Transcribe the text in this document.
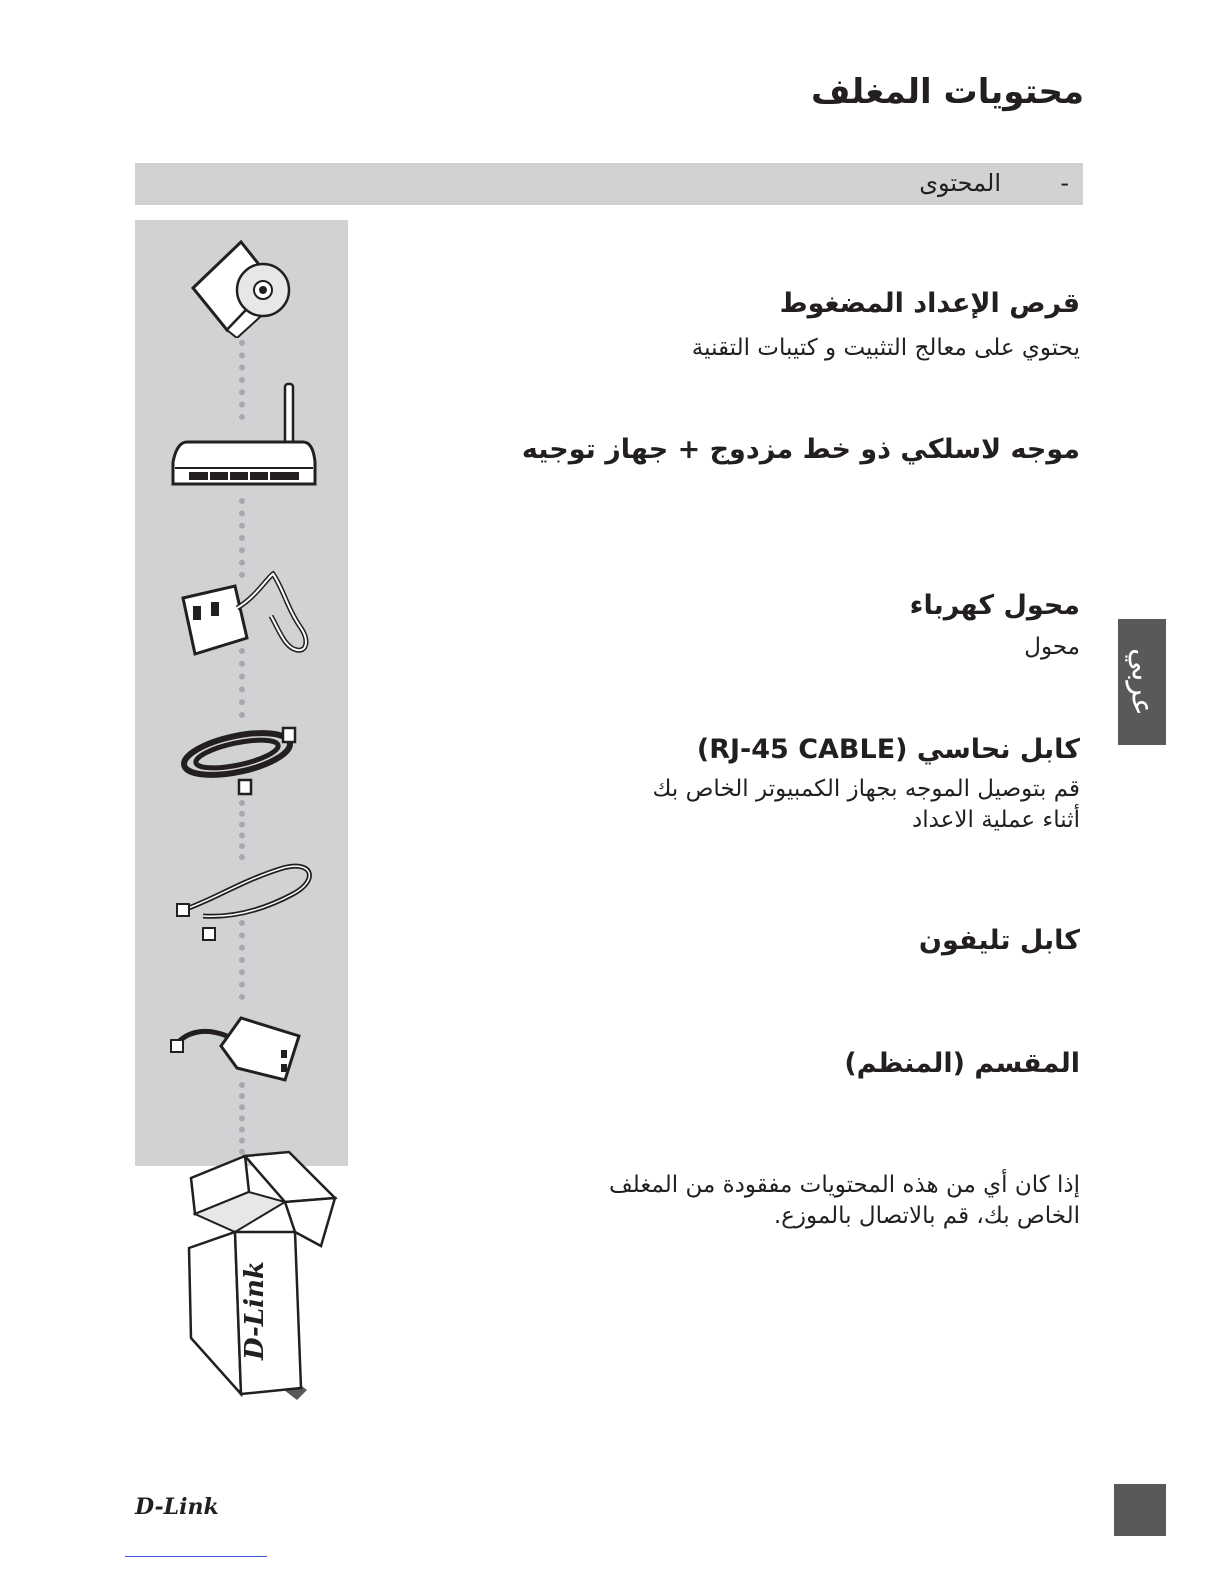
محتويات المغلف
المحتوى -
D-Link
قرص الإعداد المضغوط
يحتوي على معالج التثبيت و كتيبات التقنية
موجه لاسلكي ذو خط مزدوج + جهاز توجيه
محول كهرباء
محول
كابل نحاسي (RJ-45 CABLE)
قم بتوصيل الموجه بجهاز الكمبيوتر الخاص بك
أثناء عملية الاعداد
كابل تليفون
المقسم (المنظم)
إذا كان أي من هذه المحتويات مفقودة من المغلف
الخاص بك، قم بالاتصال بالموزع.
عربي
D-Link
